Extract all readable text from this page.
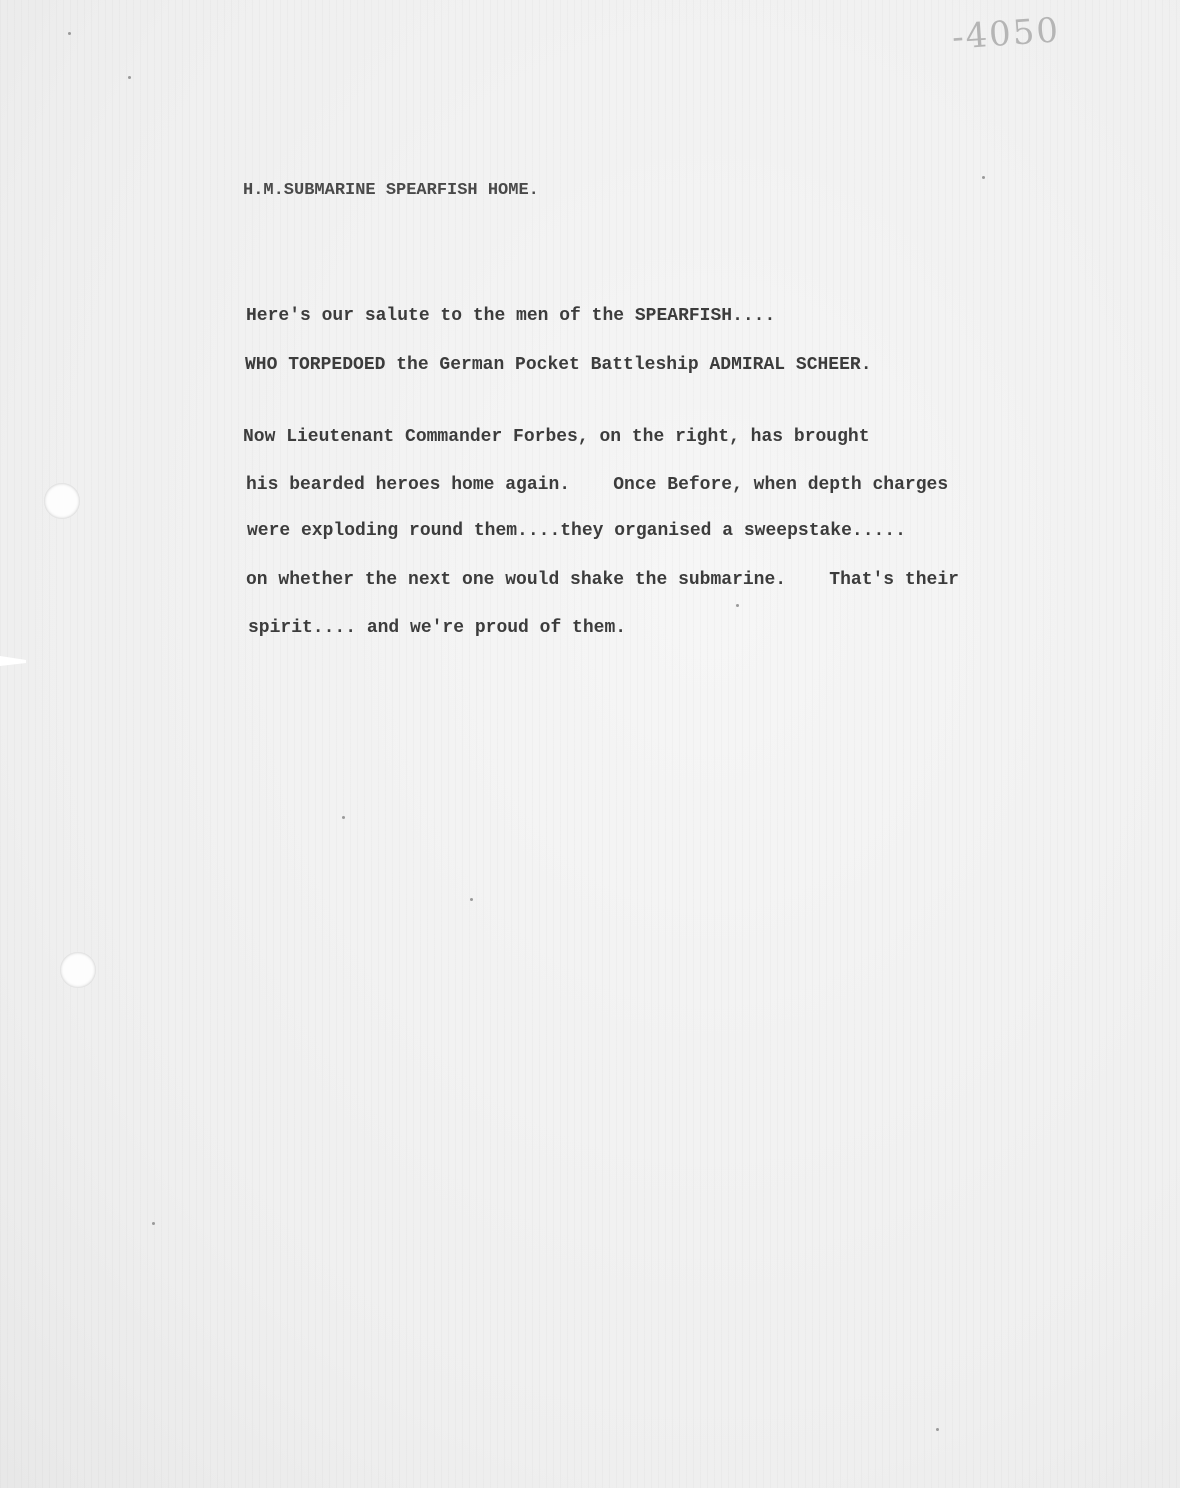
-4050

H.M.SUBMARINE SPEARFISH HOME.

Here's our salute to the men of the SPEARFISH....

WHO TORPEDOED the German Pocket Battleship ADMIRAL SCHEER.

Now Lieutenant Commander Forbes, on the right, has brought

his bearded heroes home again.    Once Before, when depth charges

were exploding round them....they organised a sweepstake.....

on whether the next one would shake the submarine.    That's their

spirit.... and we're proud of them.
